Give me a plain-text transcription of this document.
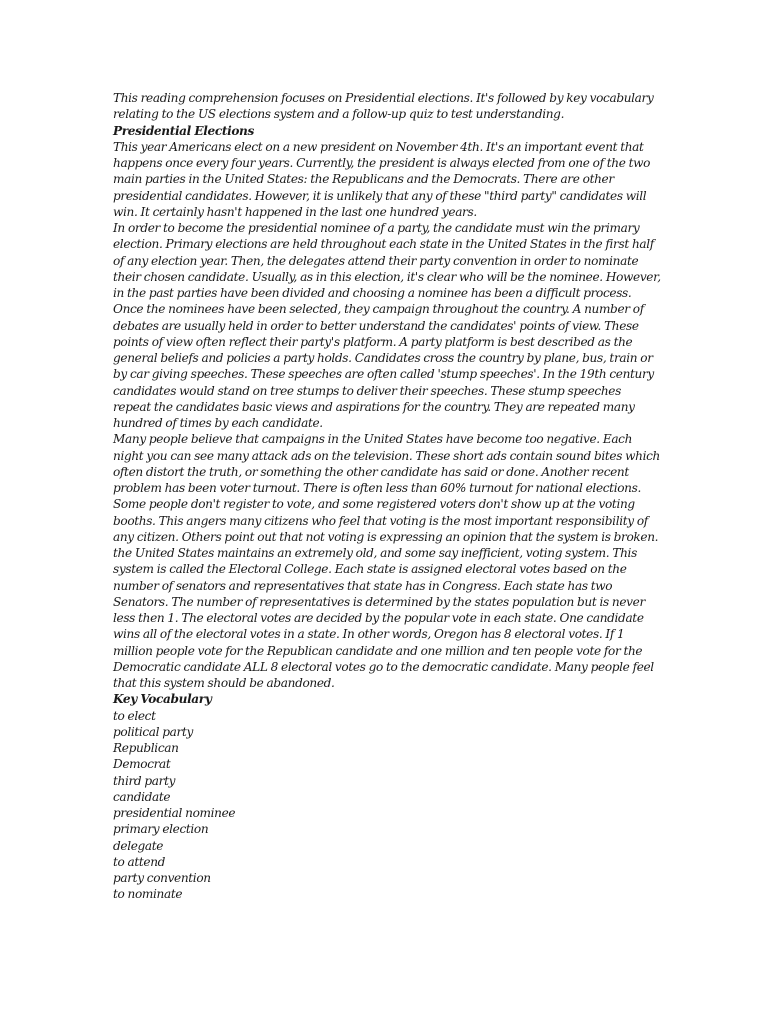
This reading comprehension focuses on Presidential elections. It's followed by key vocabulary relating to the US elections system and a follow-up quiz to test understanding.

Presidential Elections

This year Americans elect on a new president on November 4th. It's an important event that happens once every four years. Currently, the president is always elected from one of the two main parties in the United States: the Republicans and the Democrats. There are other presidential candidates. However, it is unlikely that any of these "third party" candidates will win. It certainly hasn't happened in the last one hundred years.

In order to become the presidential nominee of a party, the candidate must win the primary election. Primary elections are held throughout each state in the United States in the first half of any election year. Then, the delegates attend their party convention in order to nominate their chosen candidate. Usually, as in this election, it's clear who will be the nominee. However, in the past parties have been divided and choosing a nominee has been a difficult process. Once the nominees have been selected, they campaign throughout the country. A number of debates are usually held in order to better understand the candidates' points of view. These points of view often reflect their party's platform. A party platform is best described as the general beliefs and policies a party holds. Candidates cross the country by plane, bus, train or by car giving speeches. These speeches are often called 'stump speeches'. In the 19th century candidates would stand on tree stumps to deliver their speeches. These stump speeches repeat the candidates basic views and aspirations for the country. They are repeated many hundred of times by each candidate.

Many people believe that campaigns in the United States have become too negative. Each night you can see many attack ads on the television. These short ads contain sound bites which often distort the truth, or something the other candidate has said or done. Another recent problem has been voter turnout. There is often less than 60% turnout for national elections. Some people don't register to vote, and some registered voters don't show up at the voting booths. This angers many citizens who feel that voting is the most important responsibility of any citizen. Others point out that not voting is expressing an opinion that the system is broken. the United States maintains an extremely old, and some say inefficient, voting system. This system is called the Electoral College. Each state is assigned electoral votes based on the number of senators and representatives that state has in Congress. Each state has two Senators. The number of representatives is determined by the states population but is never less then 1. The electoral votes are decided by the popular vote in each state. One candidate wins all of the electoral votes in a state. In other words, Oregon has 8 electoral votes. If 1 million people vote for the Republican candidate and one million and ten people vote for the Democratic candidate ALL 8 electoral votes go to the democratic candidate. Many people feel that this system should be abandoned.

Key Vocabulary

to elect
political party
Republican
Democrat
third party
candidate
presidential nominee
primary election
delegate
to attend
party convention
to nominate
